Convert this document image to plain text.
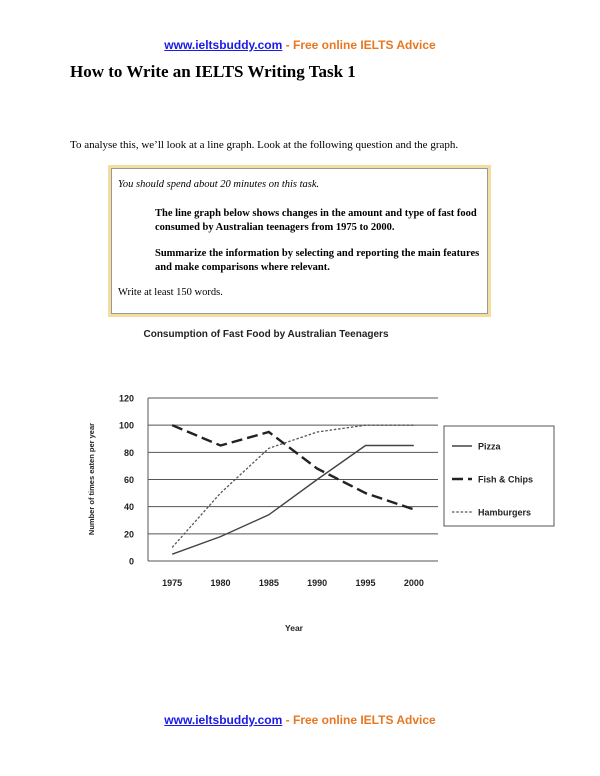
www.ieltsbuddy.com - Free online IELTS Advice
How to Write an IELTS Writing Task 1

To analyse this, we’ll look at a line graph. Look at the following question and the graph.

You should spend about 20 minutes on this task.

The line graph below shows changes in the amount and type of fast food consumed by Australian teenagers from 1975 to 2000.

Summarize the information by selecting and reporting the main features and make comparisons where relevant.

Write at least 150 words.

Consumption of Fast Food by Australian Teenagers
0
20
40
60
80
100
120
1975	1980	1985	1990	1995	2000
Pizza
Fish & Chips
Hamburgers
Number of times eaten per year
Year
www.ieltsbuddy.com - Free online IELTS Advice
